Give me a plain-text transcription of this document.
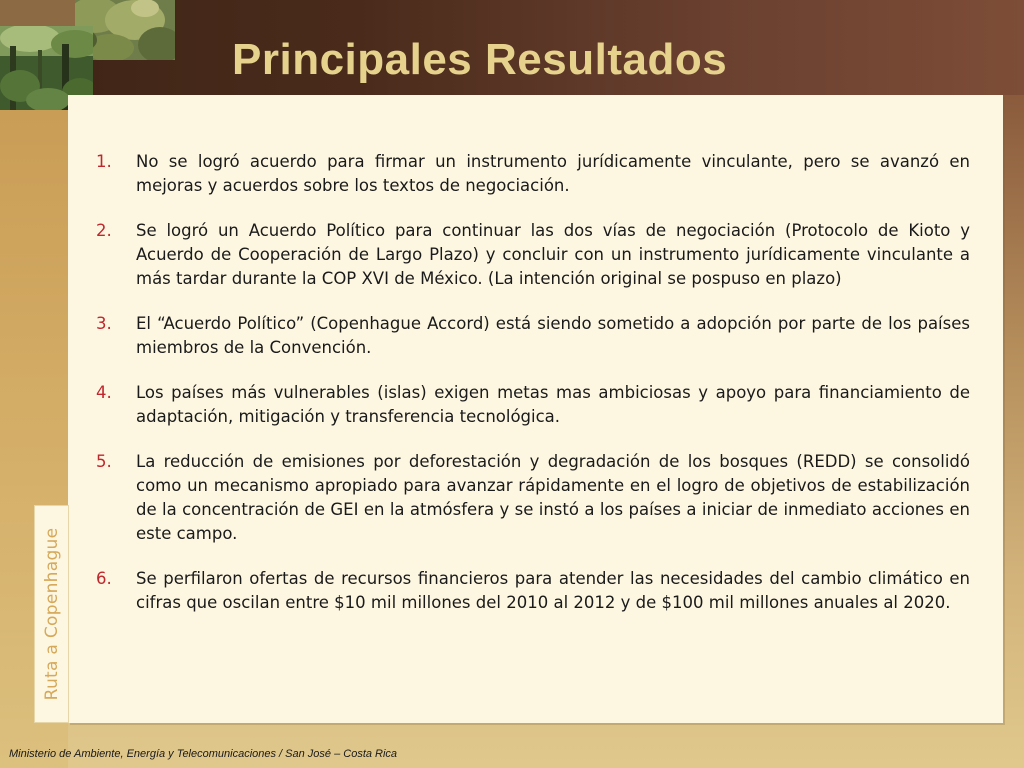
Principales Resultados
1. No se logró acuerdo para firmar un instrumento jurídicamente vinculante, pero se avanzó en mejoras y acuerdos sobre los textos de negociación.
2. Se logró un Acuerdo Político para continuar las dos vías de negociación (Protocolo de Kioto y Acuerdo de Cooperación de Largo Plazo) y concluir con un instrumento jurídicamente vinculante a más tardar durante la COP XVI de México. (La intención original se pospuso en plazo)
3. El “Acuerdo Político” (Copenhague Accord) está siendo sometido a adopción por parte de los países miembros de la Convención.
4. Los países más vulnerables (islas) exigen metas mas ambiciosas y apoyo para financiamiento de adaptación, mitigación y transferencia tecnológica.
5. La reducción de emisiones por deforestación y degradación de los bosques (REDD) se consolidó como un mecanismo apropiado para avanzar rápidamente en el logro de objetivos de estabilización de la concentración de GEI en la atmósfera y se instó a los países a iniciar de inmediato acciones en este campo.
6. Se perfilaron ofertas de recursos financieros para atender las necesidades del cambio climático en cifras que oscilan entre $10 mil millones del 2010 al 2012 y de $100 mil millones anuales al 2020.
Ruta a Copenhague
Ministerio de Ambiente, Energía y Telecomunicaciones / San José – Costa Rica
